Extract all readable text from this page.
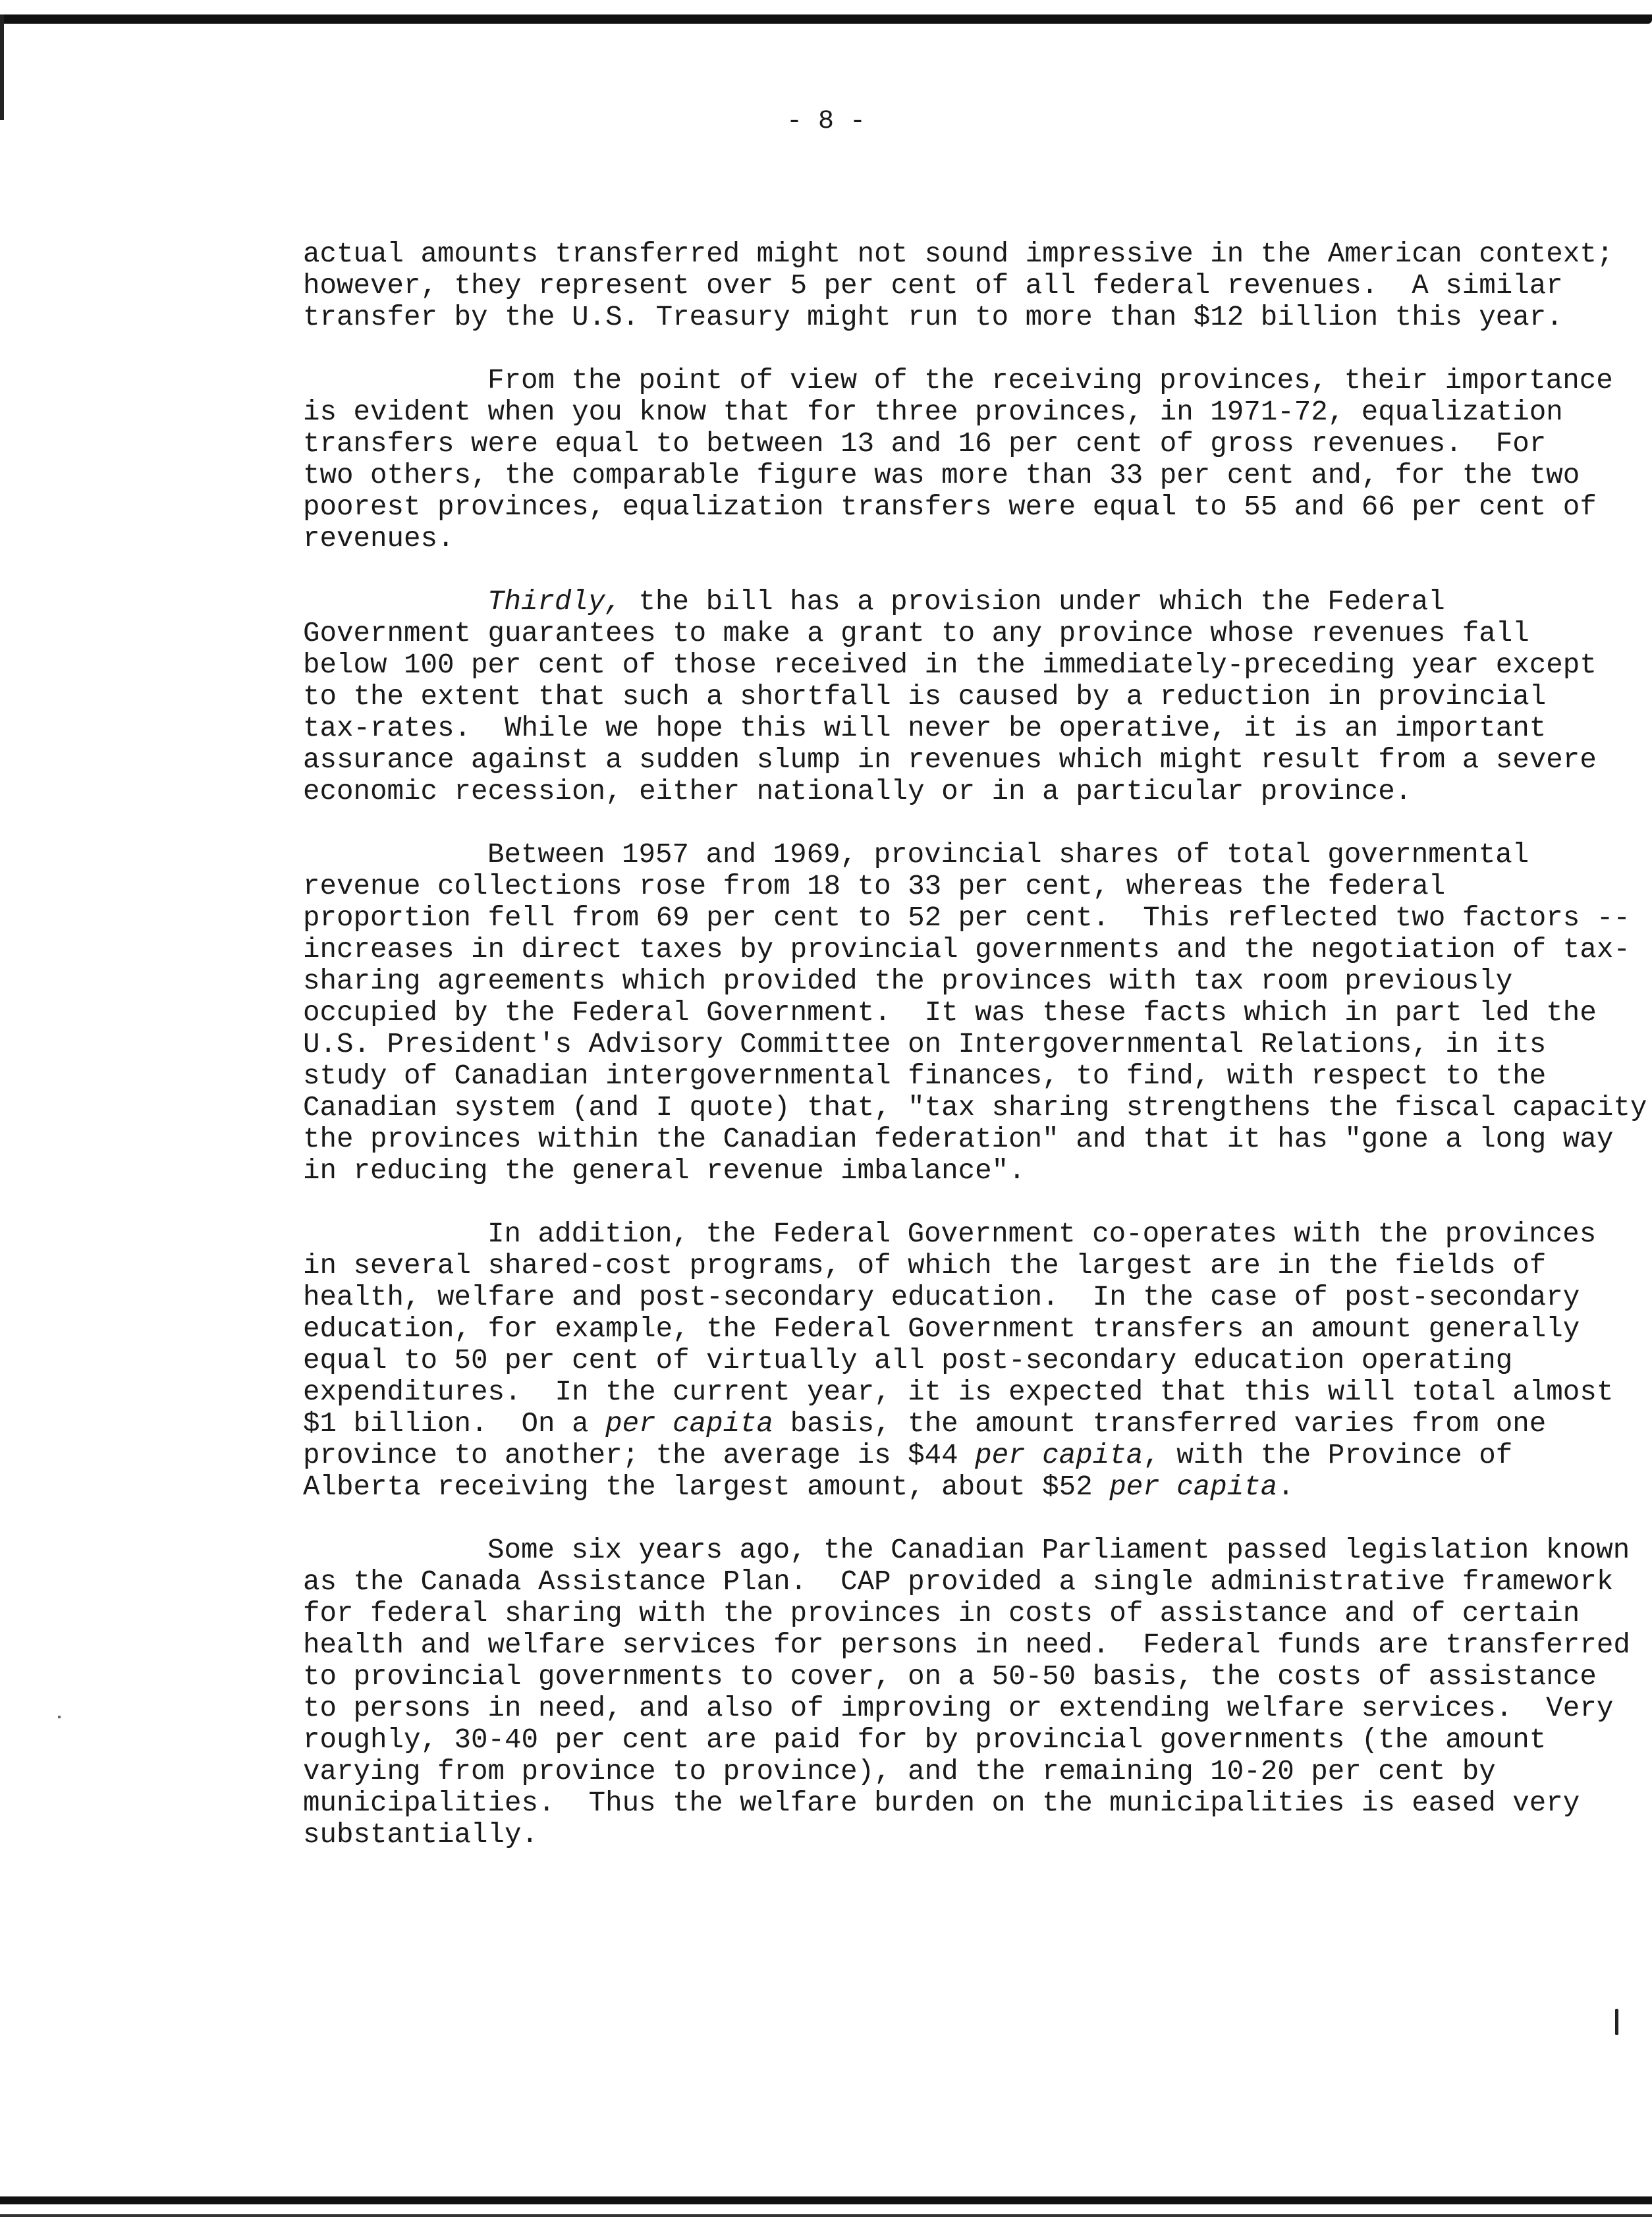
- 8 -

actual amounts transferred might not sound impressive in the American context;
however, they represent over 5 per cent of all federal revenues.  A similar
transfer by the U.S. Treasury might run to more than $12 billion this year.

From the point of view of the receiving provinces, their importance
is evident when you know that for three provinces, in 1971-72, equalization
transfers were equal to between 13 and 16 per cent of gross revenues.  For
two others, the comparable figure was more than 33 per cent and, for the two
poorest provinces, equalization transfers were equal to 55 and 66 per cent of
revenues.

Thirdly, the bill has a provision under which the Federal
Government guarantees to make a grant to any province whose revenues fall
below 100 per cent of those received in the immediately-preceding year except
to the extent that such a shortfall is caused by a reduction in provincial
tax-rates.  While we hope this will never be operative, it is an important
assurance against a sudden slump in revenues which might result from a severe
economic recession, either nationally or in a particular province.

Between 1957 and 1969, provincial shares of total governmental
revenue collections rose from 18 to 33 per cent, whereas the federal
proportion fell from 69 per cent to 52 per cent.  This reflected two factors --
increases in direct taxes by provincial governments and the negotiation of tax-
sharing agreements which provided the provinces with tax room previously
occupied by the Federal Government.  It was these facts which in part led the
U.S. President's Advisory Committee on Intergovernmental Relations, in its
study of Canadian intergovernmental finances, to find, with respect to the
Canadian system (and I quote) that, "tax sharing strengthens the fiscal capacity
the provinces within the Canadian federation" and that it has "gone a long way
in reducing the general revenue imbalance".

In addition, the Federal Government co-operates with the provinces
in several shared-cost programs, of which the largest are in the fields of
health, welfare and post-secondary education.  In the case of post-secondary
education, for example, the Federal Government transfers an amount generally
equal to 50 per cent of virtually all post-secondary education operating
expenditures.  In the current year, it is expected that this will total almost
$1 billion.  On a per capita basis, the amount transferred varies from one
province to another; the average is $44 per capita, with the Province of
Alberta receiving the largest amount, about $52 per capita.

Some six years ago, the Canadian Parliament passed legislation known
as the Canada Assistance Plan.  CAP provided a single administrative framework
for federal sharing with the provinces in costs of assistance and of certain
health and welfare services for persons in need.  Federal funds are transferred
to provincial governments to cover, on a 50-50 basis, the costs of assistance
to persons in need, and also of improving or extending welfare services.  Very
roughly, 30-40 per cent are paid for by provincial governments (the amount
varying from province to province), and the remaining 10-20 per cent by
municipalities.  Thus the welfare burden on the municipalities is eased very
substantially.
